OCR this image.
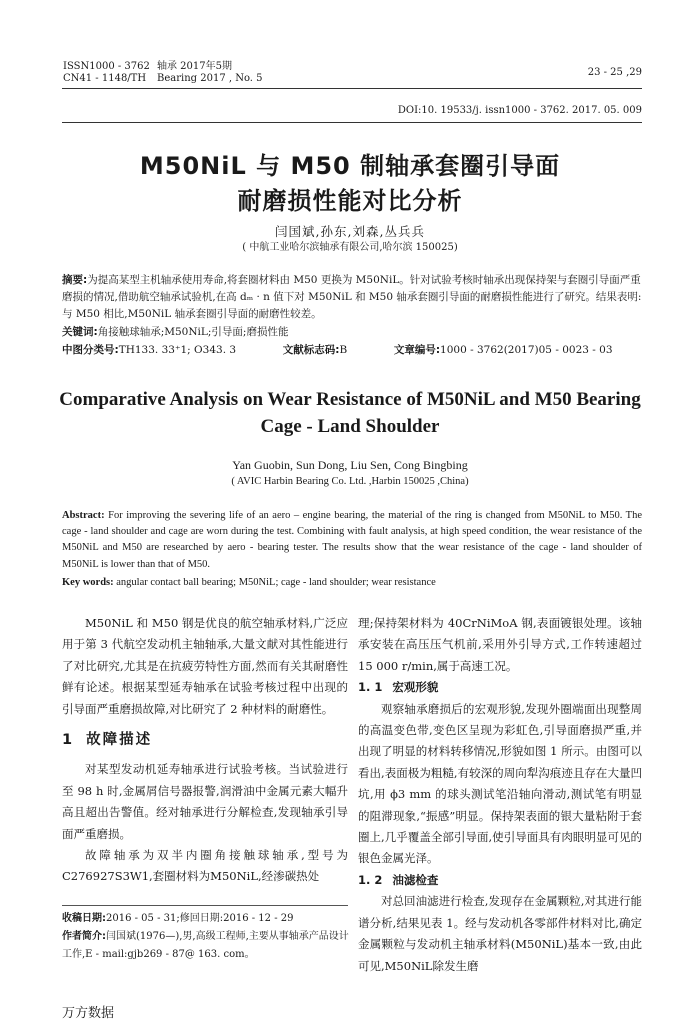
ISSN1000 - 3762
CN41 - 1148/TH
轴承 2017年5期
Bearing 2017 , No. 5
23 - 25 ,29
DOI:10. 19533/j. issn1000 - 3762. 2017. 05. 009
M50NiL 与 M50 制轴承套圈引导面
耐磨损性能对比分析
闫国斌,孙东,刘森,丛兵兵
( 中航工业哈尔滨轴承有限公司,哈尔滨 150025)
摘要:为提高某型主机轴承使用寿命,将套圈材料由 M50 更换为 M50NiL。针对试验考核时轴承出现保持架与套圈引导面严重磨损的情况,借助航空轴承试验机,在高 dₘ · n 值下对 M50NiL 和 M50 轴承套圈引导面的耐磨损性能进行了研究。结果表明:与 M50 相比,M50NiL 轴承套圈引导面的耐磨性较差。
关键词:角接触球轴承;M50NiL;引导面;磨损性能
中图分类号:TH133. 33⁺1; O343. 3	文献标志码:B	文章编号:1000 - 3762(2017)05 - 0023 - 03
Comparative Analysis on Wear Resistance of M50NiL and M50 Bearing
Cage - Land Shoulder
Yan Guobin, Sun Dong, Liu Sen, Cong Bingbing
( AVIC Harbin Bearing Co. Ltd. ,Harbin 150025 ,China)
Abstract: For improving the severing life of an aero – engine bearing, the material of the ring is changed from M50NiL to M50. The cage - land shoulder and cage are worn during the test. Combining with fault analysis, at high speed condition, the wear resistance of the M50NiL and M50 are researched by aero - bearing tester. The results show that the wear resistance of the cage - land shoulder of M50NiL is lower than that of M50.
Key words: angular contact ball bearing; M50NiL; cage - land shoulder; wear resistance

M50NiL 和 M50 钢是优良的航空轴承材料,广泛应用于第 3 代航空发动机主轴轴承,大量文献对其性能进行了对比研究,尤其是在抗疲劳特性方面,然而有关其耐磨性鲜有论述。根据某型延寿轴承在试验考核过程中出现的引导面严重磨损故障,对比研究了 2 种材料的耐磨性。

1 故障描述

对某型发动机延寿轴承进行试验考核。当试验进行至 98 h 时,金属屑信号器报警,润滑油中金属元素大幅升高且超出告警值。经对轴承进行分解检查,发现轴承引导面严重磨损。

故障轴承为双半内圈角接触球轴承,型号为 C276927S3W1,套圈材料为M50NiL,经渗碳热处

收稿日期:2016 - 05 - 31;修回日期:2016 - 12 - 29
作者简介:闫国斌(1976—),男,高级工程师,主要从事轴承产品设计工作,E - mail:gjb269 - 87@ 163. com。

理;保持架材料为 40CrNiMoA 钢,表面镀银处理。该轴承安装在高压压气机前,采用外引导方式,工作转速超过 15 000 r/min,属于高速工况。

1. 1 宏观形貌

观察轴承磨损后的宏观形貌,发现外圈端面出现整周的高温变色带,变色区呈现为彩虹色,引导面磨损严重,并出现了明显的材料转移情况,形貌如图 1 所示。由图可以看出,表面极为粗糙,有较深的周向犁沟痕迹且存在大量凹坑,用 ϕ3 mm 的球头测试笔沿轴向滑动,测试笔有明显的阻滞现象,“振感”明显。保持架表面的银大量粘附于套圈上,几乎覆盖全部引导面,使引导面具有肉眼明显可见的银色金属光泽。

1. 2 油滤检查

对总回油滤进行检查,发现存在金属颗粒,对其进行能谱分析,结果见表 1。经与发动机各零部件材料对比,确定金属颗粒与发动机主轴承材料(M50NiL)基本一致,由此可见,M50NiL除发生磨

万方数据
